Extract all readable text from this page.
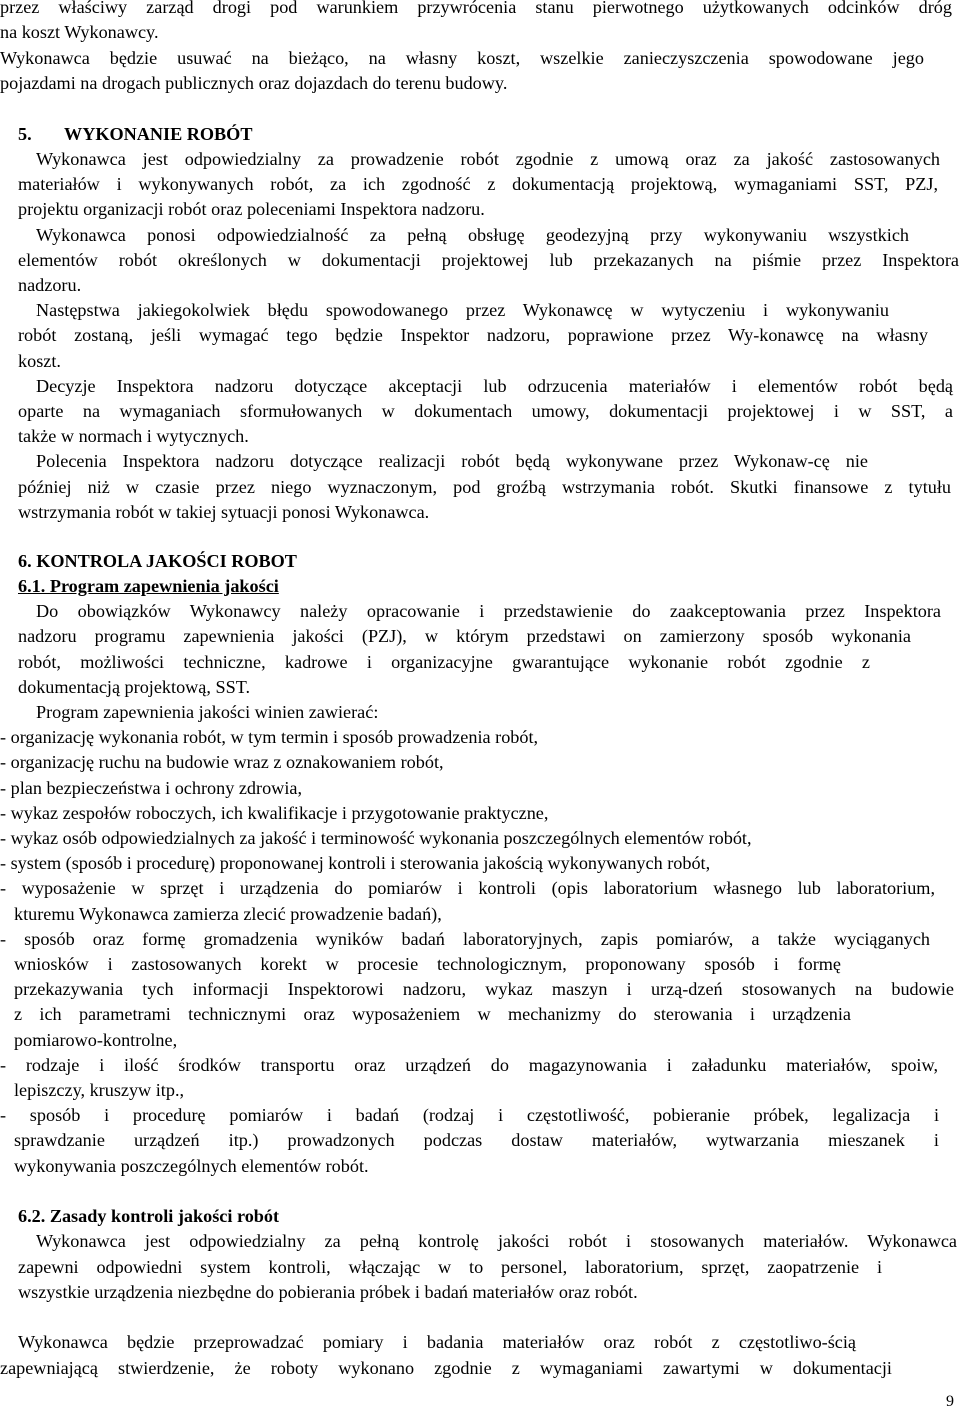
przez właściwy zarząd drogi pod warunkiem przywrócenia stanu pierwotnego użytkowanych odcinków dróg

na koszt Wykonawcy.

Wykonawca będzie usuwać na bieżąco, na własny koszt, wszelkie zanieczyszczenia spowodowane jego

pojazdami na drogach publicznych oraz dojazdach do terenu budowy.

5. WYKONANIE ROBÓT

Wykonawca jest odpowiedzialny za prowadzenie robót zgodnie z umową oraz za jakość zastosowanych

materiałów i wykonywanych robót, za ich zgodność z dokumentacją projektową, wymaganiami SST, PZJ,

projektu organizacji robót oraz poleceniami Inspektora nadzoru.

Wykonawca ponosi odpowiedzialność za pełną obsługę geodezyjną przy wykonywaniu wszystkich

elementów robót określonych w dokumentacji projektowej lub przekazanych na piśmie przez Inspektora

nadzoru.

Następstwa jakiegokolwiek błędu spowodowanego przez Wykonawcę w wytyczeniu i wykonywaniu

robót zostaną, jeśli wymagać tego będzie Inspektor nadzoru, poprawione przez Wy-konawcę na własny

koszt.

Decyzje Inspektora nadzoru dotyczące akceptacji lub odrzucenia materiałów i elementów robót będą

oparte na wymaganiach sformułowanych w dokumentach umowy, dokumentacji projektowej i w SST, a

także w normach i wytycznych.

Polecenia Inspektora nadzoru dotyczące realizacji robót będą wykonywane przez Wykonaw-cę nie

później niż w czasie przez niego wyznaczonym, pod groźbą wstrzymania robót. Skutki finansowe z tytułu

wstrzymania robót w takiej sytuacji ponosi Wykonawca.

6. KONTROLA JAKOŚCI ROBOT

6.1. Program zapewnienia jakości

Do obowiązków Wykonawcy należy opracowanie i przedstawienie do zaakceptowania przez Inspektora

nadzoru programu zapewnienia jakości (PZJ), w którym przedstawi on zamierzony sposób wykonania

robót, możliwości techniczne, kadrowe i organizacyjne gwarantujące wykonanie robót zgodnie z

dokumentacją projektową, SST.

Program zapewnienia jakości winien zawierać:

- organizację wykonania robót, w tym termin i sposób prowadzenia robót,

- organizację ruchu na budowie wraz z oznakowaniem robót,

- plan bezpieczeństwa i ochrony zdrowia,

- wykaz zespołów roboczych, ich kwalifikacje i przygotowanie praktyczne,

- wykaz osób odpowiedzialnych za jakość i terminowość wykonania poszczególnych elementów robót,

- system (sposób i procedurę) proponowanej kontroli i sterowania jakością wykonywanych robót,

- wyposażenie w sprzęt i urządzenia do pomiarów i kontroli (opis laboratorium własnego lub laboratorium,

kturemu Wykonawca zamierza zlecić prowadzenie badań),

- sposób oraz formę gromadzenia wyników badań laboratoryjnych, zapis pomiarów, a także wyciąganych

wniosków i zastosowanych korekt w procesie technologicznym, proponowany sposób i formę

przekazywania tych informacji Inspektorowi nadzoru, wykaz maszyn i urzą-dzeń stosowanych na budowie

z ich parametrami technicznymi oraz wyposażeniem w mechanizmy do sterowania i urządzenia

pomiarowo-kontrolne,

- rodzaje i ilość środków transportu oraz urządzeń do magazynowania i załadunku materiałów, spoiw,

lepiszczy, kruszyw itp.,

- sposób i procedurę pomiarów i badań (rodzaj i częstotliwość, pobieranie próbek, legalizacja i

sprawdzanie urządzeń itp.) prowadzonych podczas dostaw materiałów, wytwarzania mieszanek i

wykonywania poszczególnych elementów robót.

6.2. Zasady kontroli jakości robót

Wykonawca jest odpowiedzialny za pełną kontrolę jakości robót i stosowanych materiałów. Wykonawca

zapewni odpowiedni system kontroli, włączając w to personel, laboratorium, sprzęt, zaopatrzenie i

wszystkie urządzenia niezbędne do pobierania próbek i badań materiałów oraz robót.

Wykonawca będzie przeprowadzać pomiary i badania materiałów oraz robót z częstotliwo-ścią

zapewniającą stwierdzenie, że roboty wykonano zgodnie z wymaganiami zawartymi w dokumentacji

9
